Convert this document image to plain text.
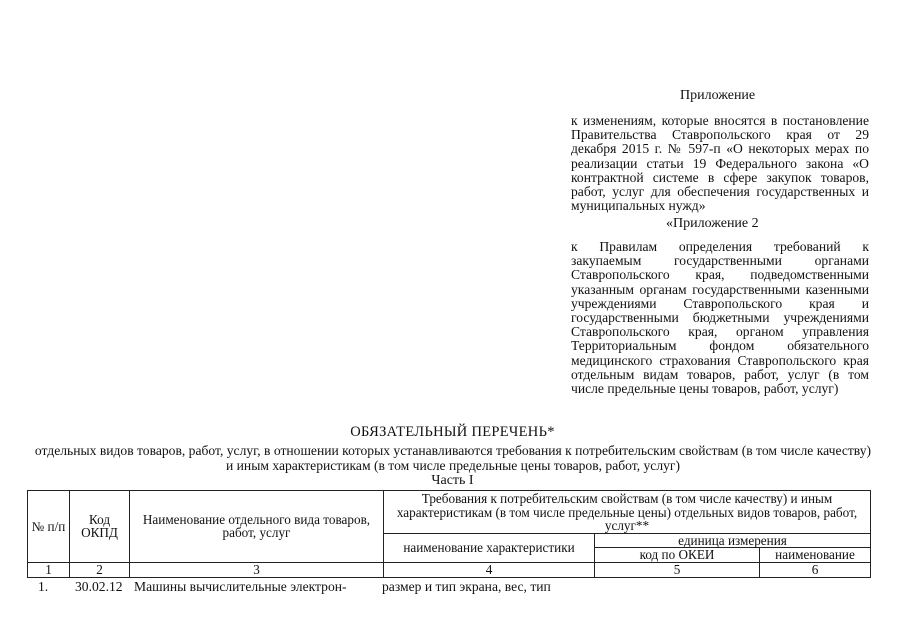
Приложение
к изменениям, которые вносятся в постановление Правительства Ставропольского края от 29 декабря 2015 г. № 597-п «О некоторых мерах по реализации статьи 19 Федерального закона «О контрактной системе в сфере закупок товаров, работ, услуг для обеспечения государственных и муниципальных нужд»
«Приложение 2
к Правилам определения требований к закупаемым государственными органами Ставропольского края, подведомственными указанным органам государственными казенными учреждениями Ставропольского края и государственными бюджетными учреждениями Ставропольского края, органом управления Территориальным фондом обязательного медицинского страхования Ставропольского края отдельным видам товаров, работ, услуг (в том числе предельные цены товаров, работ, услуг)
ОБЯЗАТЕЛЬНЫЙ ПЕРЕЧЕНЬ*
отдельных видов товаров, работ, услуг, в отношении которых устанавливаются требования к потребительским свойствам (в том числе качеству) и иным характеристикам (в том числе предельные цены товаров, работ, услуг)
Часть I
№ п/п	Код ОКПД	Наименование отдельного вида товаров, работ, услуг	Требования к потребительским свойствам (в том числе качеству) и иным характеристикам (в том числе предельные цены) отдельных видов товаров, работ, услуг**		
			наименование характеристики	единица измерения	
				код по ОКЕИ	наименование
1	2	3	4	5	6
1. 30.02.12 Машины вычислительные электрон-	размер и тип экрана, вес, тип
